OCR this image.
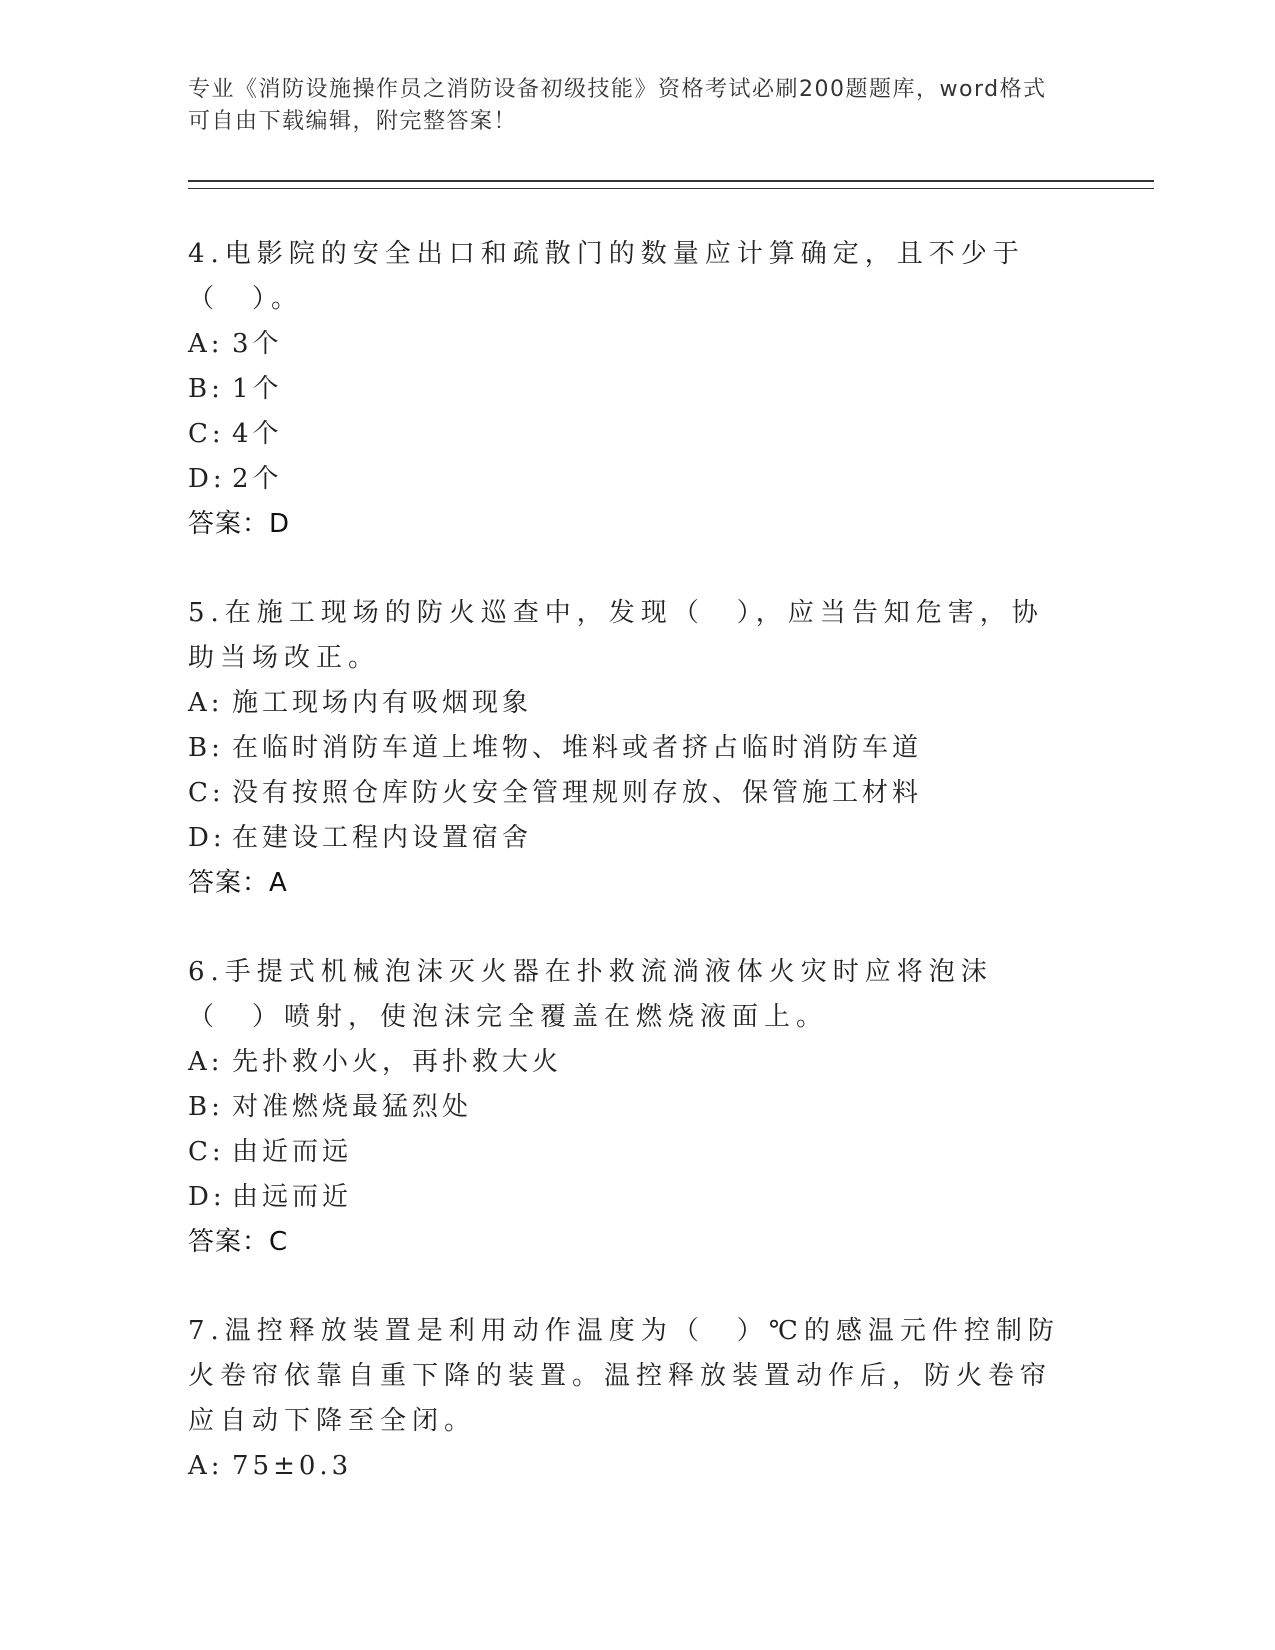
专业《消防设施操作员之消防设备初级技能》资格考试必刷200题题库，word格式可自由下载编辑，附完整答案！

4.电影院的安全出口和疏散门的数量应计算确定，且不少于（　）。

A: 3个

B: 1个

C: 4个

D: 2个

答案：D

5.在施工现场的防火巡查中，发现（　），应当告知危害，协助当场改正。

A: 施工现场内有吸烟现象

B: 在临时消防车道上堆物、堆料或者挤占临时消防车道

C: 没有按照仓库防火安全管理规则存放、保管施工材料

D: 在建设工程内设置宿舍

答案：A

6.手提式机械泡沫灭火器在扑救流淌液体火灾时应将泡沫（　）喷射，使泡沫完全覆盖在燃烧液面上。

A: 先扑救小火，再扑救大火

B: 对准燃烧最猛烈处

C: 由近而远

D: 由远而近

答案：C

7.温控释放装置是利用动作温度为（　）℃的感温元件控制防火卷帘依靠自重下降的装置。温控释放装置动作后，防火卷帘应自动下降至全闭。

A: 75±0.3
